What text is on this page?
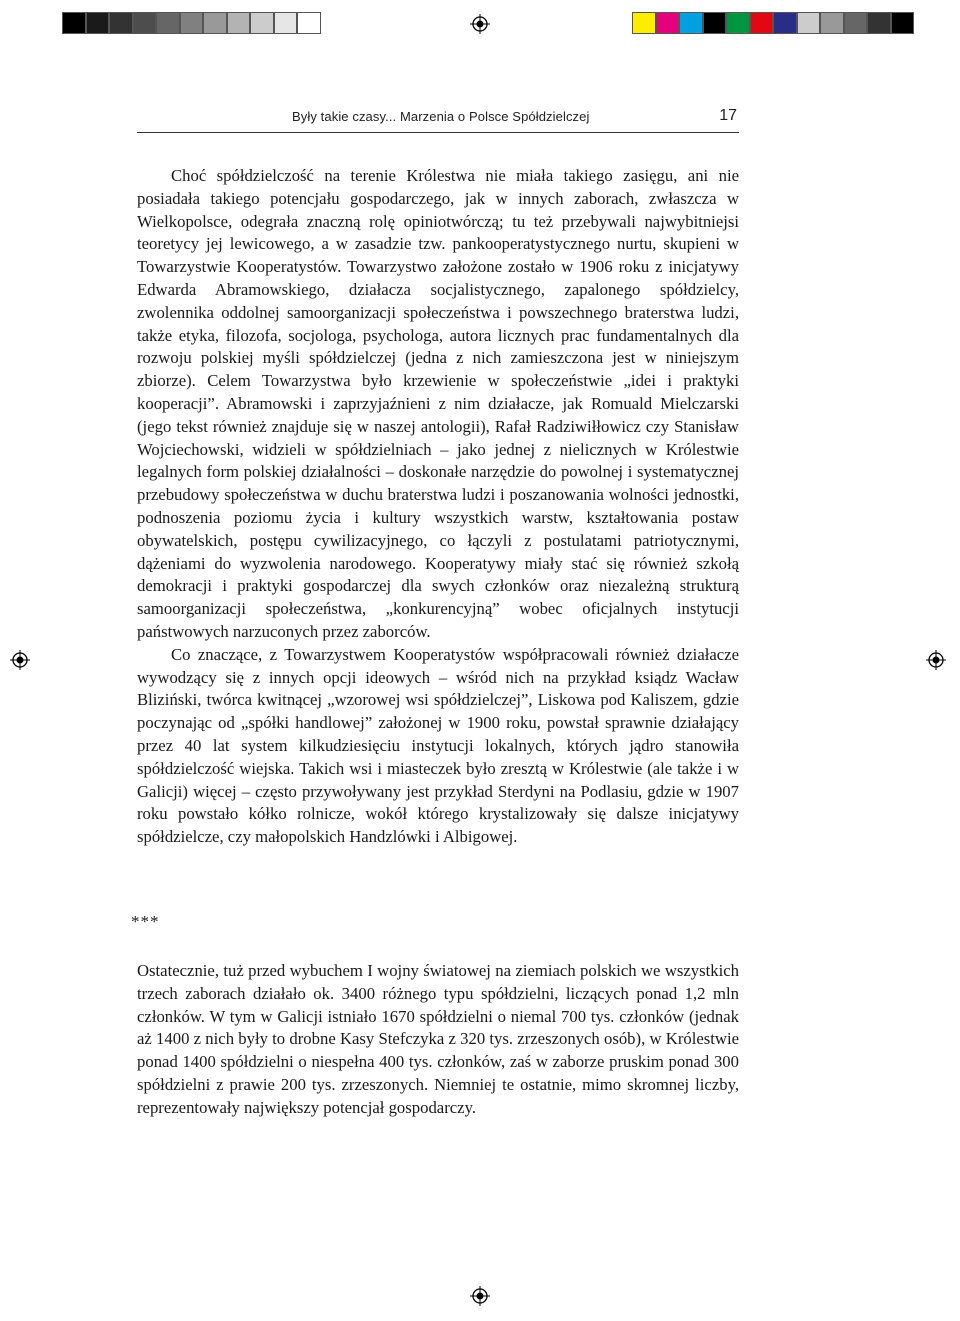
Były takie czasy... Marzenia o Polsce Spółdzielczej	17

Choć spółdzielczość na terenie Królestwa nie miała takiego zasięgu, ani nie posiadała takiego potencjału gospodarczego, jak w innych zaborach, zwłaszcza w Wielkopolsce, odegrała znaczną rolę opiniotwórczą; tu też przebywali najwybitniejsi teoretycy jej lewicowego, a w zasadzie tzw. pankooperatystycznego nurtu, skupieni w Towarzystwie Kooperatystów. Towarzystwo założone zostało w 1906 roku z inicjatywy Edwarda Abramowskiego, działacza socjalistycznego, zapalonego spółdzielcy, zwolennika oddolnej samoorganizacji społeczeństwa i powszechnego braterstwa ludzi, także etyka, filozofa, socjologa, psychologa, autora licznych prac fundamentalnych dla rozwoju polskiej myśli spółdzielczej (jedna z nich zamieszczona jest w niniejszym zbiorze). Celem Towarzystwa było krzewienie w społeczeństwie „idei i praktyki kooperacji”. Abramowski i zaprzyjaźnieni z nim działacze, jak Romuald Mielczarski (jego tekst również znajduje się w naszej antologii), Rafał Radziwiłłowicz czy Stanisław Wojciechowski, widzieli w spółdzielniach – jako jednej z nielicznych w Królestwie legalnych form polskiej działalności – doskonałe narzędzie do powolnej i systematycznej przebudowy społeczeństwa w duchu braterstwa ludzi i poszanowania wolności jednostki, podnoszenia poziomu życia i kultury wszystkich warstw, kształtowania postaw obywatelskich, postępu cywilizacyjnego, co łączyli z postulatami patriotycznymi, dążeniami do wyzwolenia narodowego. Kooperatywy miały stać się również szkołą demokracji i praktyki gospodarczej dla swych członków oraz niezależną strukturą samoorganizacji społeczeństwa, „konkurencyjną” wobec oficjalnych instytucji państwowych narzuconych przez zaborców.

Co znaczące, z Towarzystwem Kooperatystów współpracowali również działacze wywodzący się z innych opcji ideowych – wśród nich na przykład ksiądz Wacław Bliziński, twórca kwitnącej „wzorowej wsi spółdzielczej”, Liskowa pod Kaliszem, gdzie poczynając od „spółki handlowej” założonej w 1900 roku, powstał sprawnie działający przez 40 lat system kilkudziesięciu instytucji lokalnych, których jądro stanowiła spółdzielczość wiejska. Takich wsi i miasteczek było zresztą w Królestwie (ale także i w Galicji) więcej – często przywoływany jest przykład Sterdyni na Podlasiu, gdzie w 1907 roku powstało kółko rolnicze, wokół którego krystalizowały się dalsze inicjatywy spółdzielcze, czy małopolskich Handzlówki i Albigowej.

***

Ostatecznie, tuż przed wybuchem I wojny światowej na ziemiach polskich we wszystkich trzech zaborach działało ok. 3400 różnego typu spółdzielni, liczących ponad 1,2 mln członków. W tym w Galicji istniało 1670 spółdzielni o niemal 700 tys. członków (jednak aż 1400 z nich były to drobne Kasy Stefczyka z 320 tys. zrzeszonych osób), w Królestwie ponad 1400 spółdzielni o niespełna 400 tys. członków, zaś w zaborze pruskim ponad 300 spółdzielni z prawie 200 tys. zrzeszonych. Niemniej te ostatnie, mimo skromnej liczby, reprezentowały największy potencjał gospodarczy.
